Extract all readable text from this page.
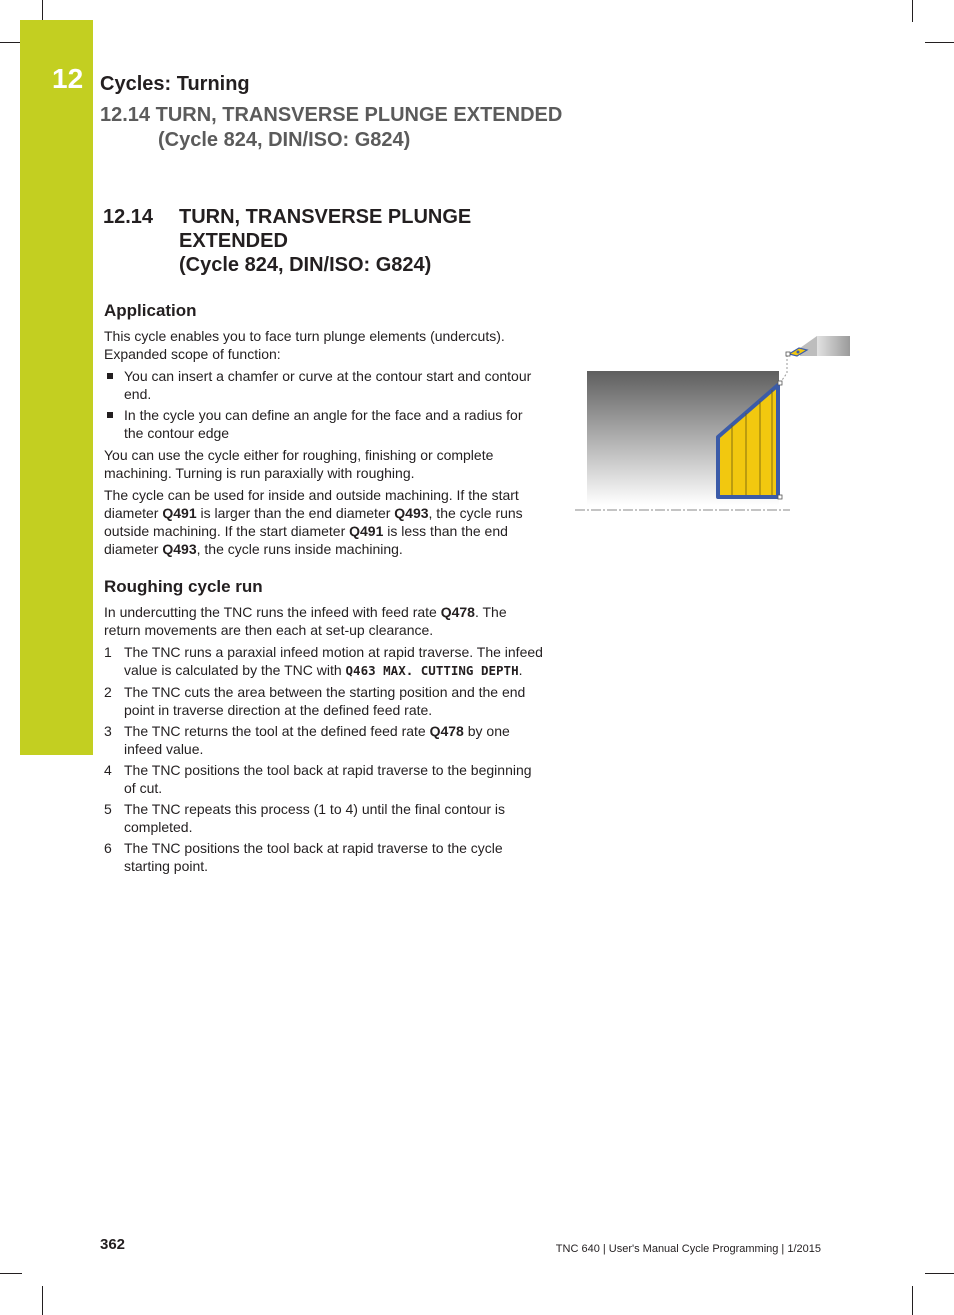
12 Cycles: Turning
12.14 TURN, TRANSVERSE PLUNGE EXTENDED
(Cycle 824, DIN/ISO: G824)
12.14 TURN, TRANSVERSE PLUNGE
EXTENDED
(Cycle 824, DIN/ISO: G824)
Application

This cycle enables you to face turn plunge elements (undercuts). Expanded scope of function:

You can insert a chamfer or curve at the contour start and contour end.
In the cycle you can define an angle for the face and a radius for the contour edge

You can use the cycle either for roughing, finishing or complete machining. Turning is run paraxially with roughing.

The cycle can be used for inside and outside machining. If the start diameter Q491 is larger than the end diameter Q493, the cycle runs outside machining. If the start diameter Q491 is less than the end diameter Q493, the cycle runs inside machining.

Roughing cycle run

In undercutting the TNC runs the infeed with feed rate Q478. The return movements are then each at set-up clearance.

1 The TNC runs a paraxial infeed motion at rapid traverse. The infeed value is calculated by the TNC with Q463 MAX. CUTTING DEPTH.
2 The TNC cuts the area between the starting position and the end point in traverse direction at the defined feed rate.
3 The TNC returns the tool at the defined feed rate Q478 by one infeed value.
4 The TNC positions the tool back at rapid traverse to the beginning of cut.
5 The TNC repeats this process (1 to 4) until the final contour is completed.
6 The TNC positions the tool back at rapid traverse to the cycle starting point.
362	TNC 640 | User's Manual Cycle Programming | 1/2015
